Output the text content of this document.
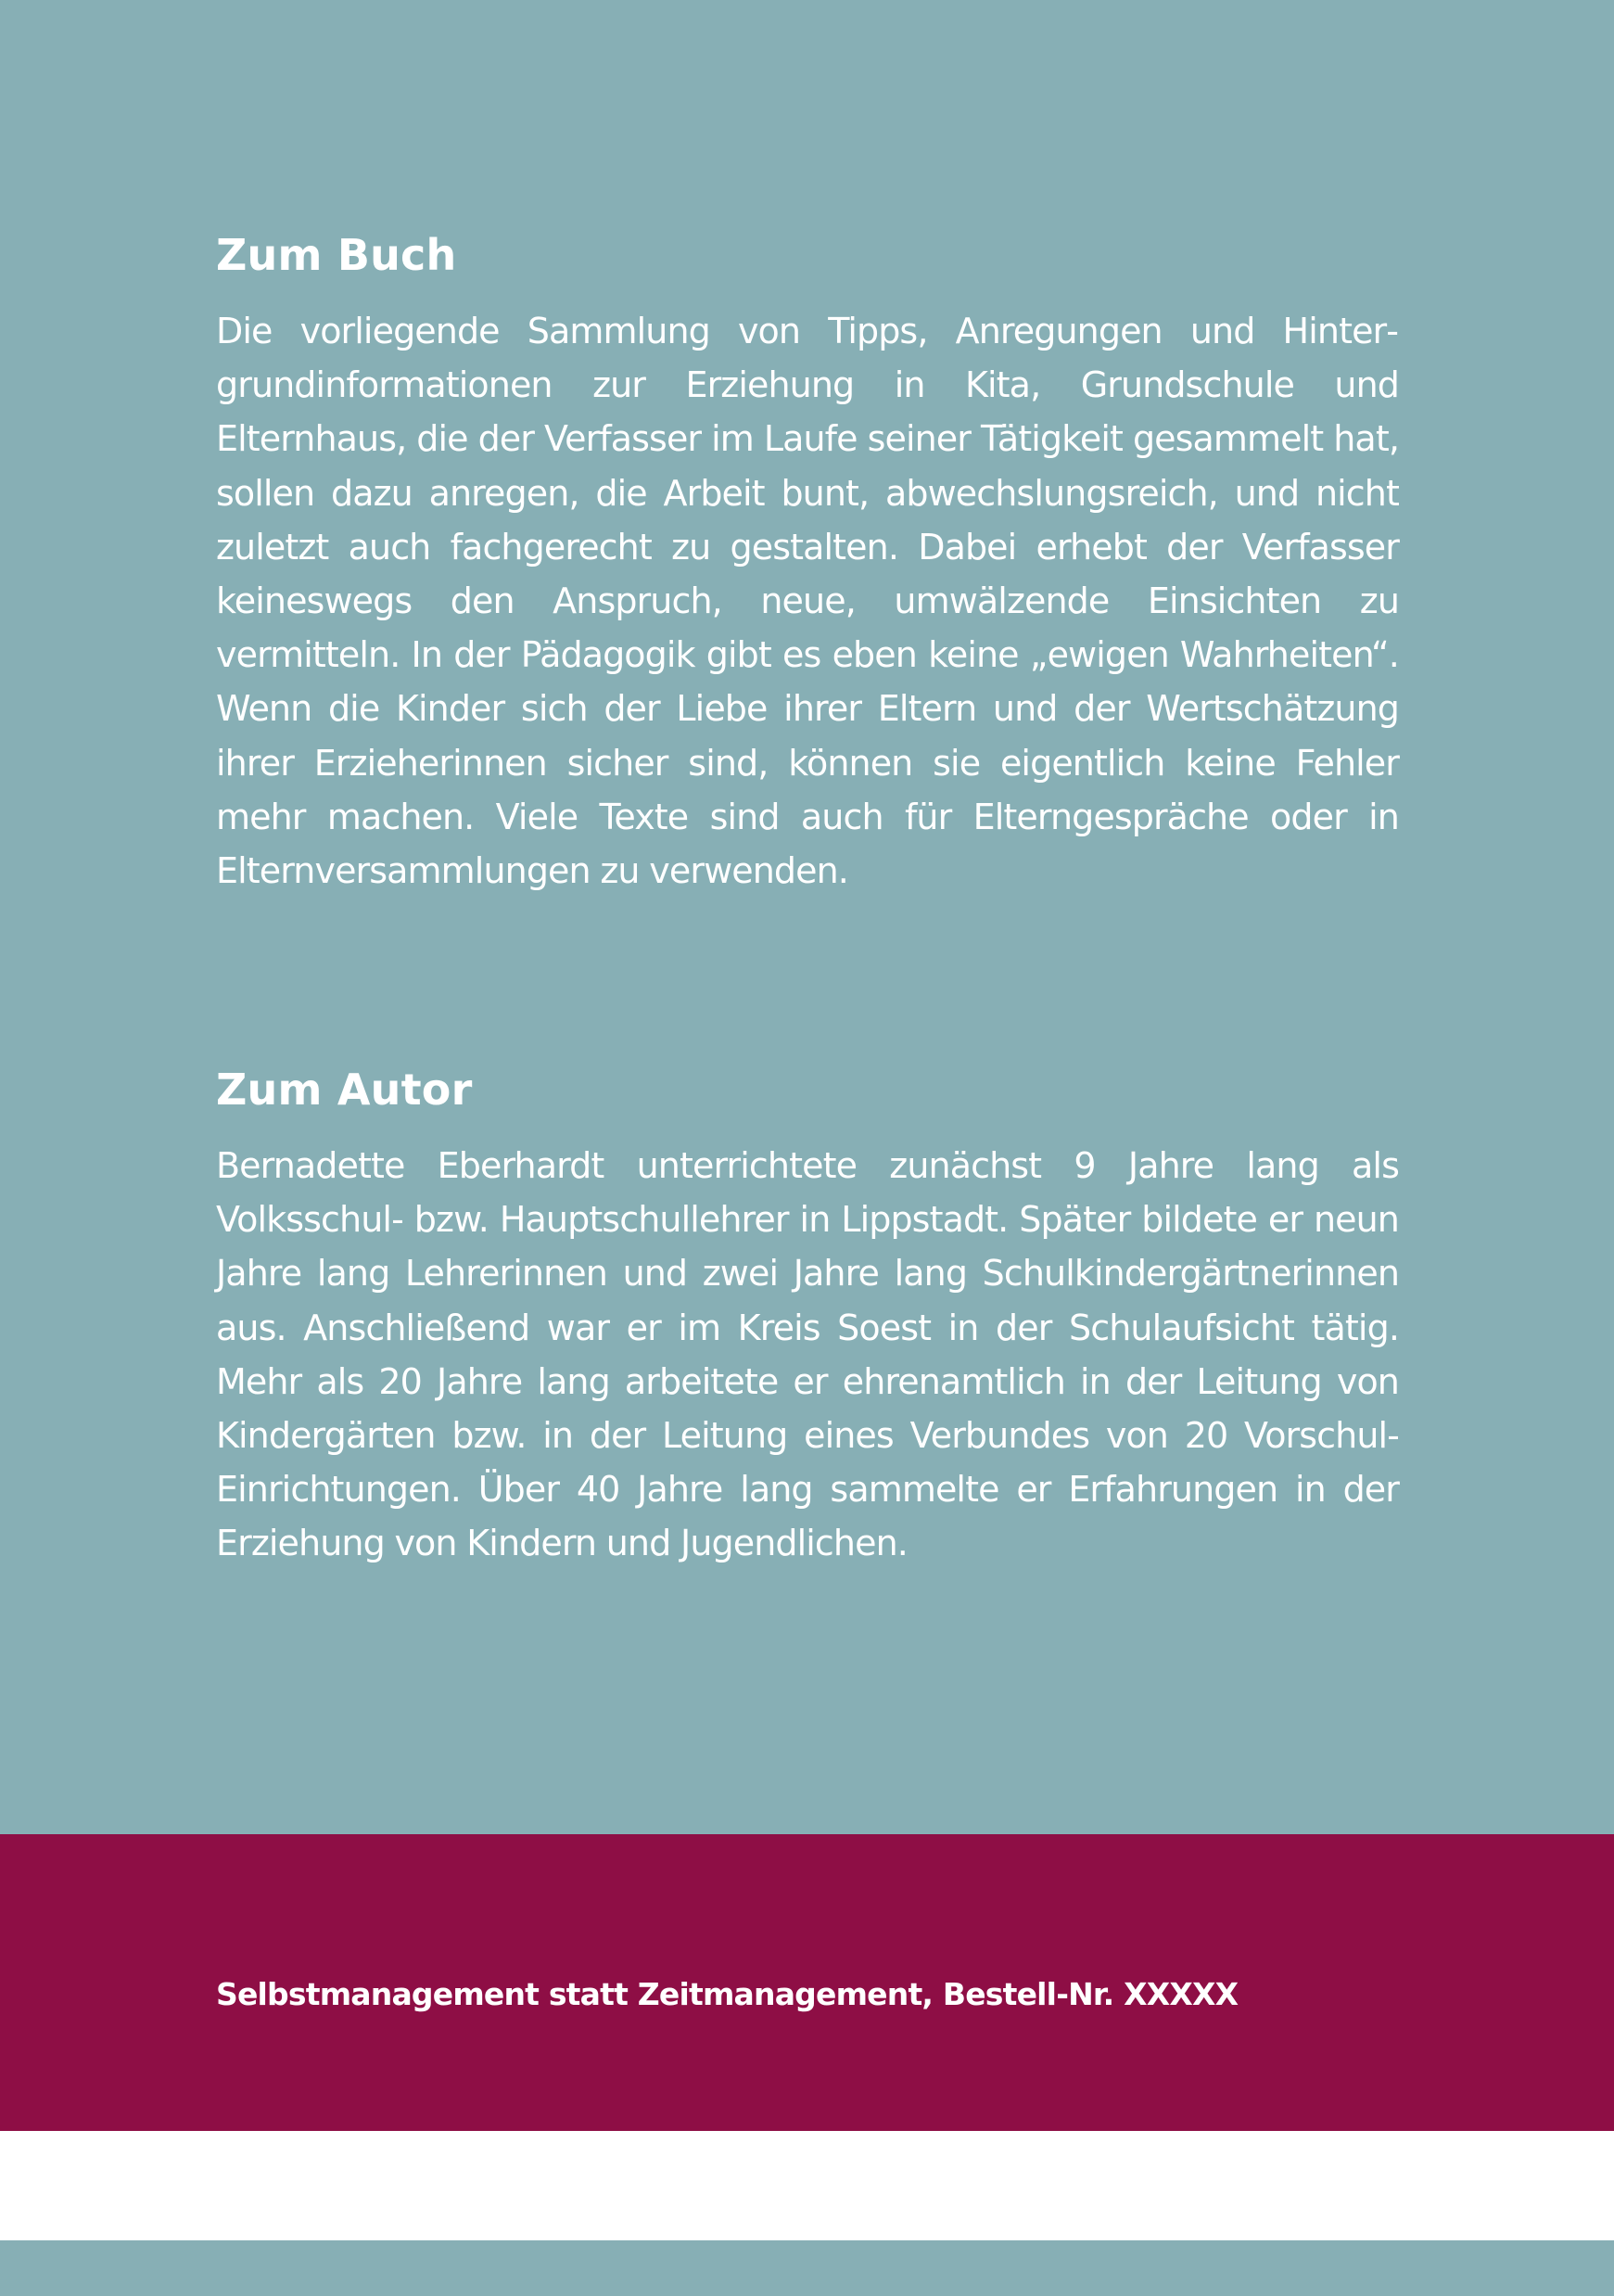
Zum Buch

Die vorliegende Sammlung von Tipps, Anregungen und Hintergrundinformationen zur Erziehung in Kita, Grundschule und Elternhaus, die der Verfasser im Laufe seiner Tätigkeit gesammelt hat, sollen dazu anregen, die Arbeit bunt, abwechslungsreich, und nicht zuletzt auch fachgerecht zu gestalten. Dabei erhebt der Verfasser keineswegs den Anspruch, neue, umwälzende Einsichten zu vermitteln. In der Pädagogik gibt es eben keine „ewigen Wahrheiten“. Wenn die Kinder sich der Liebe ihrer Eltern und der Wertschätzung ihrer Erzieherinnen sicher sind, können sie eigentlich keine Fehler mehr machen. Viele Texte sind auch für Elterngespräche oder in Elternversammlungen zu verwenden.

Zum Autor

Bernadette Eberhardt unterrichtete zunächst 9 Jahre lang als Volksschul- bzw. Hauptschullehrer in Lippstadt. Später bildete er neun Jahre lang Lehrerinnen und zwei Jahre lang Schulkindergärtnerinnen aus. Anschließend war er im Kreis Soest in der Schulaufsicht tätig. Mehr als 20 Jahre lang arbeitete er ehrenamtlich in der Leitung von Kindergärten bzw. in der Leitung eines Verbundes von 20 Vorschul-Einrichtungen. Über 40 Jahre lang sammelte er Erfahrungen in der Erziehung von Kindern und Jugendlichen.

Selbstmanagement statt Zeitmanagement, Bestell-Nr. XXXXX
